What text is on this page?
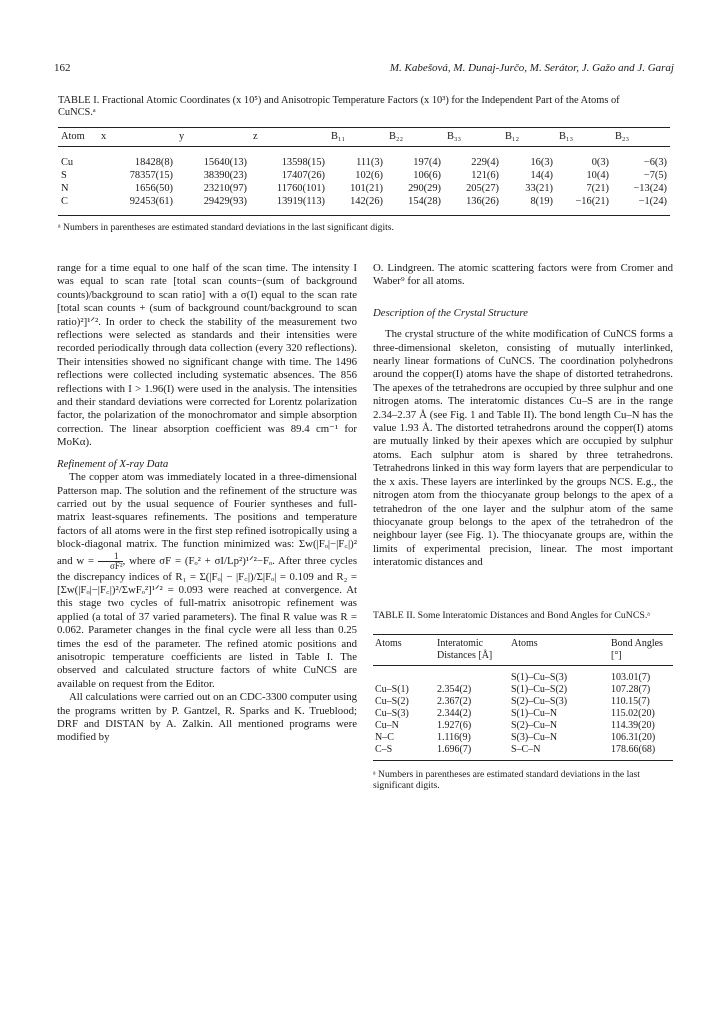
162	M. Kabešová, M. Dunaj-Jurčo, M. Serátor, J. Gažo and J. Garaj
TABLE I. Fractional Atomic Coordinates (x 10⁵) and Anisotropic Temperature Factors (x 10³) for the Independent Part of the Atoms of CuNCS.ᵃ
Atom	x	y	z	B₁₁	B₂₂	B₃₃	B₁₂	B₁₃	B₂₃
Cu	18428(8)	15640(13)	13598(15)	111(3)	197(4)	229(4)	16(3)	0(3)	−6(3)
S	78357(15)	38390(23)	17407(26)	102(6)	106(6)	121(6)	14(4)	10(4)	−7(5)
N	1656(50)	23210(97)	11760(101)	101(21)	290(29)	205(27)	33(21)	7(21)	−13(24)
C	92453(61)	29429(93)	13919(113)	142(26)	154(28)	136(26)	8(19)	−16(21)	−1(24)
ᵃ Numbers in parentheses are estimated standard deviations in the last significant digits.

range for a time equal to one half of the scan time. The intensity I was equal to scan rate [total scan counts−(sum of background counts)/background to scan ratio] with a σ(I) equal to the scan rate [total scan counts + (sum of background count/background to scan ratio)²]¹ᐟ². In order to check the stability of the measurement two reflections were selected as standards and their intensities were recorded periodically through data collection (every 320 reflections). Their intensities showed no significant change with time. The 1496 reflections were collected including systematic absences. The 856 reflections with I > 1.96(I) were used in the analysis. The intensities and their standard deviations were corrected for Lorentz polarization factor, the polarization of the monochromator and simple absorption correction. The linear absorption coefficient was 89.4 cm⁻¹ for MoKα).

Refinement of X-ray Data

The copper atom was immediately located in a three-dimensional Patterson map. The solution and the refinement of the structure was carried out by the usual sequence of Fourier syntheses and full-matrix least-squares refinements. The positions and temperature factors of all atoms were in the first step refined isotropically using a block-diagonal matrix. The function minimized was: Σw(|Fₒ|−|F꜀|)² and $w = \frac{1}{\text{σF²}}$ , where σF = (Fₒ² + σI/Lp²)¹ᐟ²−Fₒ. After three cycles the discrepancy indices of R₁ = Σ(|Fₒ| − |F꜀|)/Σ|Fₒ| = 0.109 and R₂ = [Σw(|Fₒ|−|F꜀|)²/ΣwFₒ²]¹ᐟ² = 0.093 were reached at convergence. At this stage two cycles of full-matrix anisotropic refinement was applied (a total of 37 varied parameters). The final R value was R = 0.062. Parameter changes in the final cycle were all less than 0.25 times the esd of the parameter. The refined atomic positions and anisotropic temperature coefficients are listed in Table I. The observed and calculated structure factors of white CuNCS are available on request from the Editor.

All calculations were carried out on an CDC-3300 computer using the programs written by P. Gantzel, R. Sparks and K. Trueblood; DRF and DISTAN by A. Zalkin. All mentioned programs were modified by

O. Lindgreen. The atomic scattering factors were from Cromer and Waber⁹ for all atoms.

Description of the Crystal Structure

The crystal structure of the white modification of CuNCS forms a three-dimensional skeleton, consisting of mutually interlinked, nearly linear formations of CuNCS. The coordination polyhedrons around the copper(I) atoms have the shape of distorted tetrahedrons. The apexes of the tetrahedrons are occupied by three sulphur and one nitrogen atoms. The interatomic distances Cu–S are in the range 2.34–2.37 Å (see Fig. 1 and Table II). The bond length Cu–N has the value 1.93 Å. The distorted tetrahedrons around the copper(I) atoms are mutually linked by their apexes which are occupied by sulphur atoms. Each sulphur atom is shared by three tetrahedrons. Tetrahedrons linked in this way form layers that are perpendicular to the x axis. These layers are interlinked by the groups NCS. E.g., the nitrogen atom from the thiocyanate group belongs to the apex of a tetrahedron of the one layer and the sulphur atom of the same thiocyanate group belongs to the apex of the tetrahedron of the neighbour layer (see Fig. 1). The thiocyanate groups are, within the limits of experimental precision, linear. The most important interatomic distances and

TABLE II. Some Interatomic Distances and Bond Angles for CuNCS.ᵃ

Atoms	Interatomic Distances [Å]	Atoms	Bond Angles [°]
		S(1)–Cu–S(3)	103.01(7)
Cu–S(1)	2.354(2)	S(1)–Cu–S(2)	107.28(7)
Cu–S(2)	2.367(2)	S(2)–Cu–S(3)	110.15(7)
Cu–S(3)	2.344(2)	S(1)–Cu–N	115.02(20)
Cu–N	1.927(6)	S(2)–Cu–N	114.39(20)
N–C	1.116(9)	S(3)–Cu–N	106.31(20)
C–S	1.696(7)	S–C–N	178.66(68)

ᵃ Numbers in parentheses are estimated standard deviations in the last significant digits.
